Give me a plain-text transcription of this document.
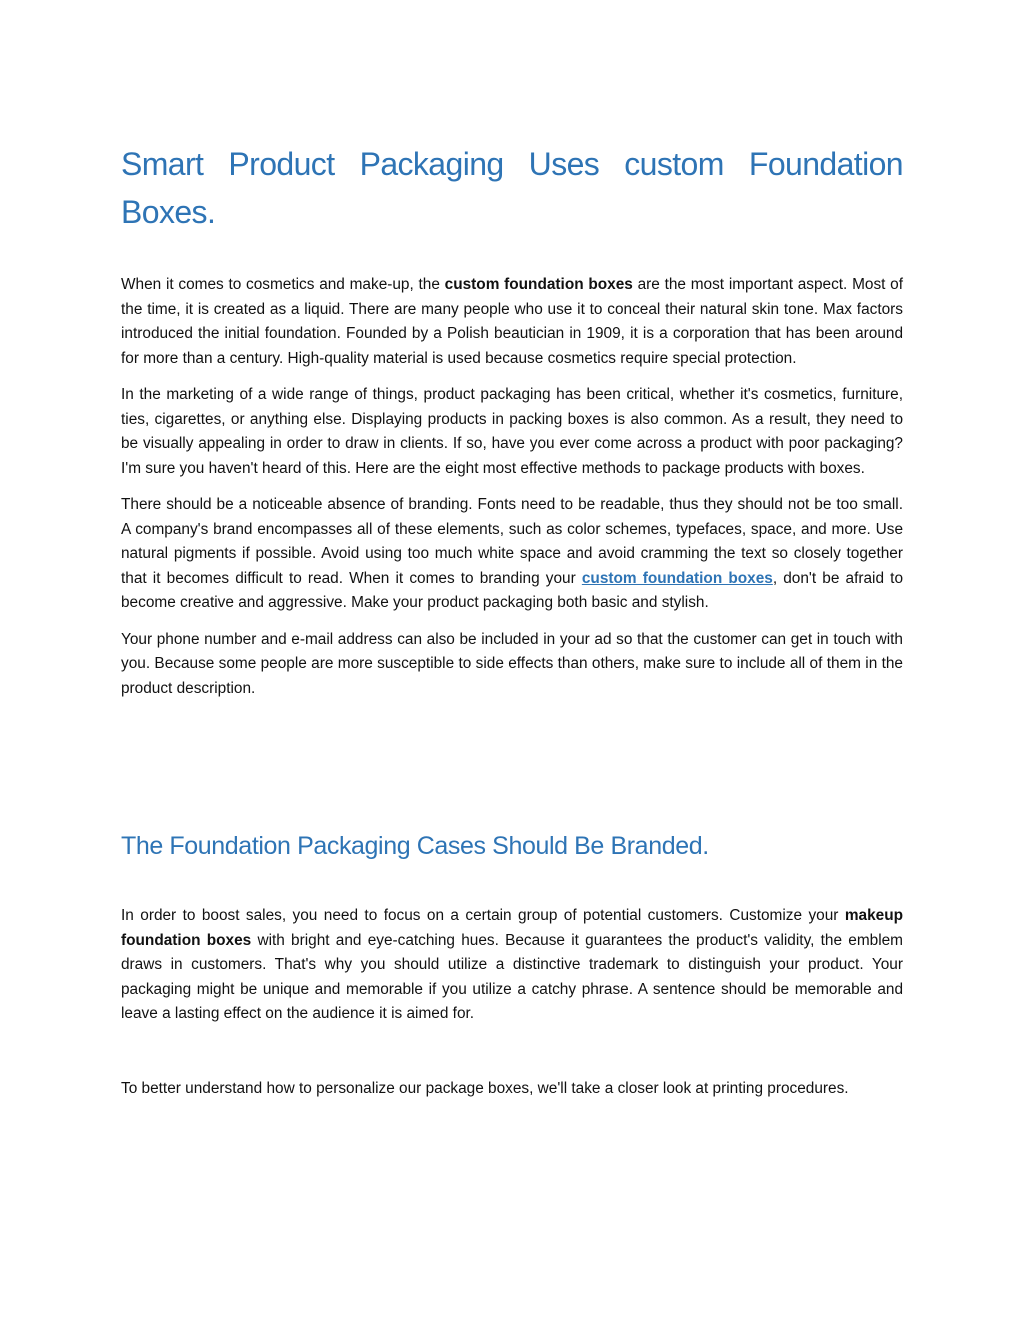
Smart Product Packaging Uses custom Foundation
Boxes.

When it comes to cosmetics and make-up, the custom foundation boxes are the most important aspect. Most of the time, it is created as a liquid. There are many people who use it to conceal their natural skin tone. Max factors introduced the initial foundation. Founded by a Polish beautician in 1909, it is a corporation that has been around for more than a century. High-quality material is used because cosmetics require special protection.

In the marketing of a wide range of things, product packaging has been critical, whether it's cosmetics, furniture, ties, cigarettes, or anything else. Displaying products in packing boxes is also common. As a result, they need to be visually appealing in order to draw in clients. If so, have you ever come across a product with poor packaging? I'm sure you haven't heard of this. Here are the eight most effective methods to package products with boxes.

There should be a noticeable absence of branding. Fonts need to be readable, thus they should not be too small. A company's brand encompasses all of these elements, such as color schemes, typefaces, space, and more. Use natural pigments if possible. Avoid using too much white space and avoid cramming the text so closely together that it becomes difficult to read. When it comes to branding your custom foundation boxes, don't be afraid to become creative and aggressive. Make your product packaging both basic and stylish.

Your phone number and e-mail address can also be included in your ad so that the customer can get in touch with you. Because some people are more susceptible to side effects than others, make sure to include all of them in the product description.

The Foundation Packaging Cases Should Be Branded.

In order to boost sales, you need to focus on a certain group of potential customers. Customize your makeup foundation boxes with bright and eye-catching hues. Because it guarantees the product's validity, the emblem draws in customers. That's why you should utilize a distinctive trademark to distinguish your product. Your packaging might be unique and memorable if you utilize a catchy phrase. A sentence should be memorable and leave a lasting effect on the audience it is aimed for.

To better understand how to personalize our package boxes, we'll take a closer look at printing procedures.
